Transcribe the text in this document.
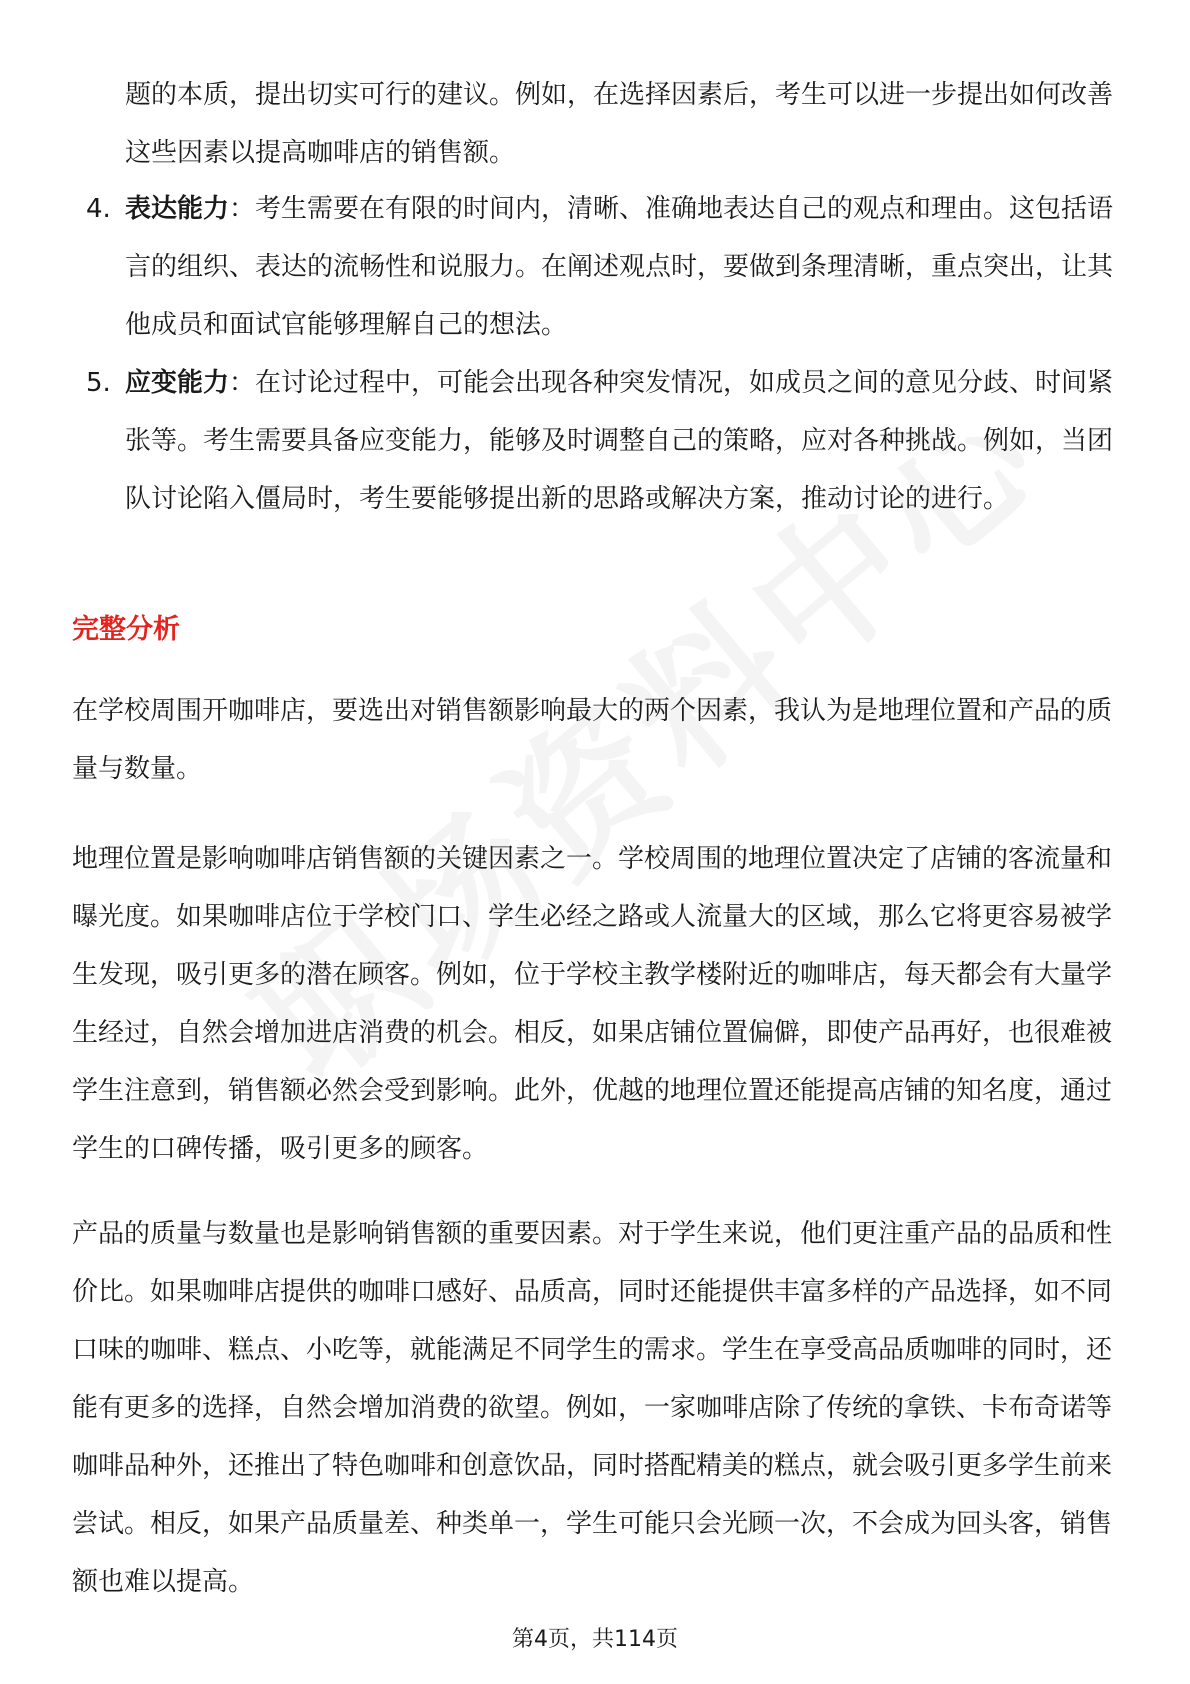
题的本质，提出切实可行的建议。例如，在选择因素后，考生可以进一步提出如何改善这些因素以提高咖啡店的销售额。

4. 表达能力：考生需要在有限的时间内，清晰、准确地表达自己的观点和理由。这包括语言的组织、表达的流畅性和说服力。在阐述观点时，要做到条理清晰，重点突出，让其他成员和面试官能够理解自己的想法。
5. 应变能力：在讨论过程中，可能会出现各种突发情况，如成员之间的意见分歧、时间紧张等。考生需要具备应变能力，能够及时调整自己的策略，应对各种挑战。例如，当团队讨论陷入僵局时，考生要能够提出新的思路或解决方案，推动讨论的进行。
完整分析

在学校周围开咖啡店，要选出对销售额影响最大的两个因素，我认为是地理位置和产品的质量与数量。

地理位置是影响咖啡店销售额的关键因素之一。学校周围的地理位置决定了店铺的客流量和曝光度。如果咖啡店位于学校门口、学生必经之路或人流量大的区域，那么它将更容易被学生发现，吸引更多的潜在顾客。例如，位于学校主教学楼附近的咖啡店，每天都会有大量学生经过，自然会增加进店消费的机会。相反，如果店铺位置偏僻，即使产品再好，也很难被学生注意到，销售额必然会受到影响。此外，优越的地理位置还能提高店铺的知名度，通过学生的口碑传播，吸引更多的顾客。

产品的质量与数量也是影响销售额的重要因素。对于学生来说，他们更注重产品的品质和性价比。如果咖啡店提供的咖啡口感好、品质高，同时还能提供丰富多样的产品选择，如不同口味的咖啡、糕点、小吃等，就能满足不同学生的需求。学生在享受高品质咖啡的同时，还能有更多的选择，自然会增加消费的欲望。例如，一家咖啡店除了传统的拿铁、卡布奇诺等咖啡品种外，还推出了特色咖啡和创意饮品，同时搭配精美的糕点，就会吸引更多学生前来尝试。相反，如果产品质量差、种类单一，学生可能只会光顾一次，不会成为回头客，销售额也难以提高。

第4页，共114页
